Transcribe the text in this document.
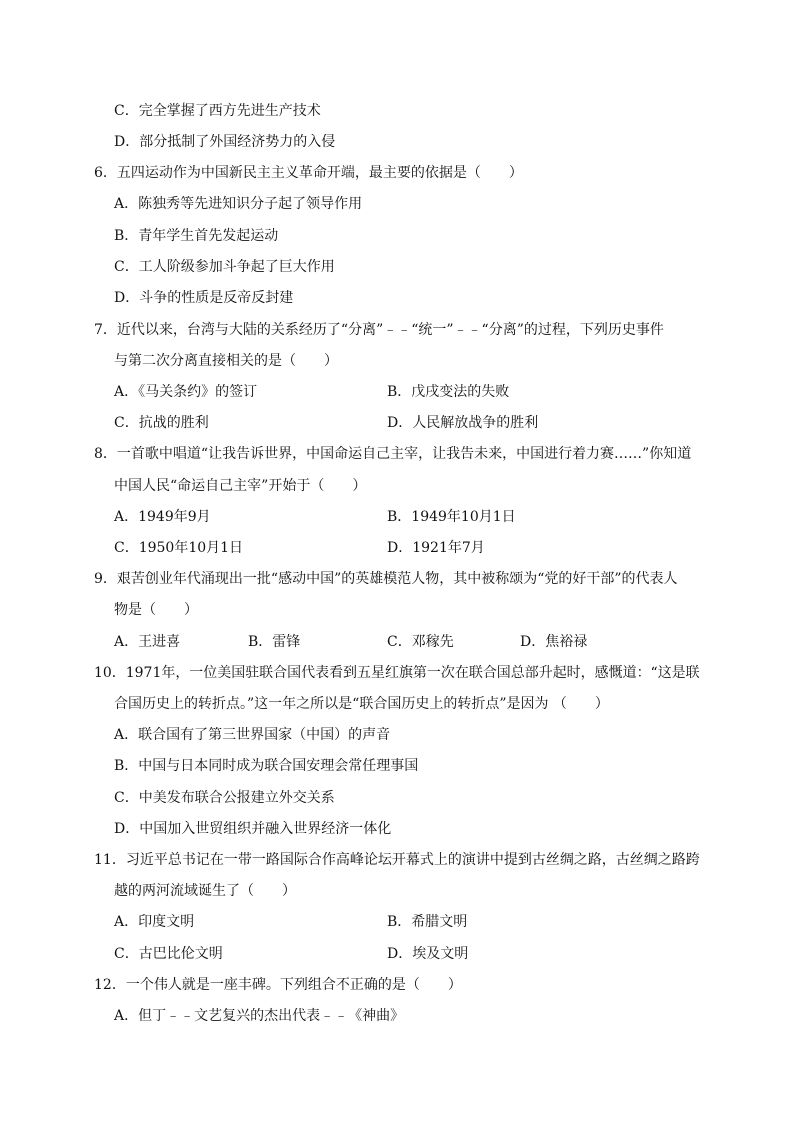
C．完全掌握了西方先进生产技术
D．部分抵制了外国经济势力的入侵
6．五四运动作为中国新民主主义革命开端，最主要的依据是（　　）
A．陈独秀等先进知识分子起了领导作用
B．青年学生首先发起运动
C．工人阶级参加斗争起了巨大作用
D．斗争的性质是反帝反封建
7．近代以来，台湾与大陆的关系经历了“分离”﹣﹣“统一”﹣﹣“分离”的过程，下列历史事件
与第二次分离直接相关的是（　　）
A．《马关条约》的签订	B．戊戌变法的失败
C．抗战的胜利	D．人民解放战争的胜利
8．一首歌中唱道“让我告诉世界，中国命运自己主宰，让我告未来，中国进行着力赛……”你知道
中国人民“命运自己主宰”开始于（　　）
A．1949年9月	B．1949年10月1日
C．1950年10月1日	D．1921年7月
9．艰苦创业年代涌现出一批“感动中国”的英雄模范人物，其中被称颂为“党的好干部”的代表人
物是（　　）
A．王进喜	B．雷锋	C．邓稼先	D．焦裕禄
10．1971年，一位美国驻联合国代表看到五星红旗第一次在联合国总部升起时，感慨道：“这是联
合国历史上的转折点。”这一年之所以是“联合国历史上的转折点”是因为 （　　）
A．联合国有了第三世界国家（中国）的声音
B．中国与日本同时成为联合国安理会常任理事国
C．中美发布联合公报建立外交关系
D．中国加入世贸组织并融入世界经济一体化
11．习近平总书记在一带一路国际合作高峰论坛开幕式上的演讲中提到古丝绸之路，古丝绸之路跨
越的两河流域诞生了（　　）
A．印度文明	B．希腊文明
C．古巴比伦文明	D．埃及文明
12．一个伟人就是一座丰碑。下列组合不正确的是（　　）
A．但丁﹣﹣文艺复兴的杰出代表﹣﹣《神曲》
